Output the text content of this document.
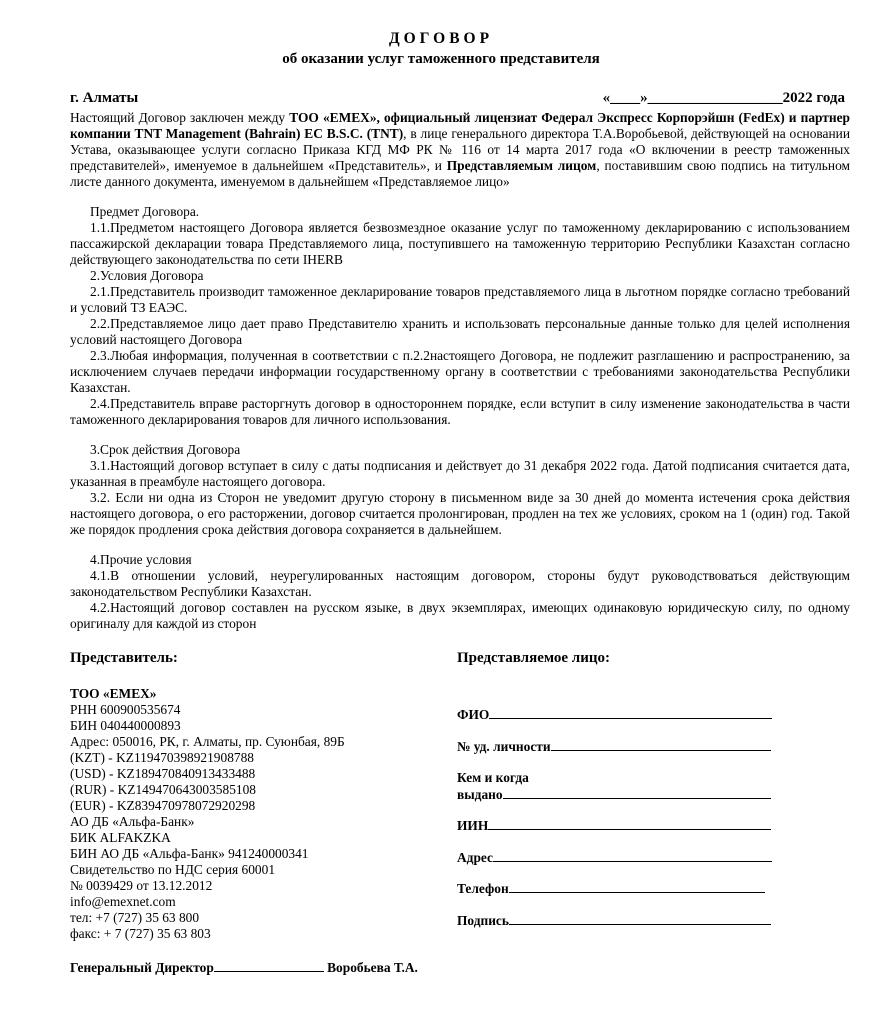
ДОГОВОР
об оказании услуг таможенного представителя
г. Алматы	«____»__________________2022 года

Настоящий Договор заключен между ТОО «EMEX», официальный лицензиат Федерал Экспресс Корпорэйшн (FedEx) и партнер компании TNT Management (Bahrain) EC B.S.C. (TNT), в лице генерального директора Т.А.Воробьевой, действующей на основании Устава, оказывающее услуги согласно Приказа КГД МФ РК № 116 от 14 марта 2017 года «О включении в реестр таможенных представителей», именуемое в дальнейшем «Представитель», и Представляемым лицом, поставившим свою подпись на титульном листе данного документа, именуемом в дальнейшем «Представляемое лицо»

Предмет Договора.

1.1.Предметом настоящего Договора является безвозмездное оказание услуг по таможенному декларированию с использованием пассажирской декларации товара Представляемого лица, поступившего на таможенную территорию Республики Казахстан согласно действующего законодательства по сети IHERB

2.Условия Договора

2.1.Представитель производит таможенное декларирование товаров представляемого лица в льготном порядке согласно требований и условий ТЗ ЕАЭС.

2.2.Представляемое лицо дает право Представителю хранить и использовать персональные данные только для целей исполнения условий настоящего Договора

2.3.Любая информация, полученная в соответствии с п.2.2настоящего Договора, не подлежит разглашению и распространению, за исключением случаев передачи информации государственному органу в соответствии с требованиями законодательства Республики Казахстан.

2.4.Представитель вправе расторгнуть договор в одностороннем порядке, если вступит в силу изменение законодательства в части таможенного декларирования товаров для личного использования.

3.Срок действия Договора

3.1.Настоящий договор вступает в силу с даты подписания и действует до 31 декабря 2022 года. Датой подписания считается дата, указанная в преамбуле настоящего договора.

3.2. Если ни одна из Сторон не уведомит другую сторону в письменном виде за 30 дней до момента истечения срока действия настоящего договора, о его расторжении, договор считается пролонгирован, продлен на тех же условиях, сроком на 1 (один) год. Такой же порядок продления срока действия договора сохраняется в дальнейшем.

4.Прочие условия

4.1.В отношении условий, неурегулированных настоящим договором, стороны будут руководствоваться действующим законодательством Республики Казахстан.

4.2.Настоящий договор составлен на русском языке, в двух экземплярах, имеющих одинаковую юридическую силу, по одному оригиналу для каждой из сторон

Представитель:
ТОО «EMEX»
РНН 600900535674
БИН 040440000893
Адрес: 050016, РК, г. Алматы, пр. Суюнбая, 89Б
(KZT) - KZ119470398921908788
(USD) - KZ189470840913433488
(RUR) - KZ149470643003585108
(EUR) - KZ839470978072920298
АО ДБ «Альфа-Банк»
БИК ALFAKZKA
БИН АО ДБ «Альфа-Банк» 941240000341
Свидетельство по НДС серия 60001
№ 0039429 от 13.12.2012
info@emexnet.com
тел: +7 (727) 35 63 800
факс: + 7 (727) 35 63 803
Представляемое лицо:
ФИО
№ уд. личности
Кем и когда
выдано
ИИН
Адрес
Телефон
Подпись
Генеральный Директор	Воробьева Т.А.
